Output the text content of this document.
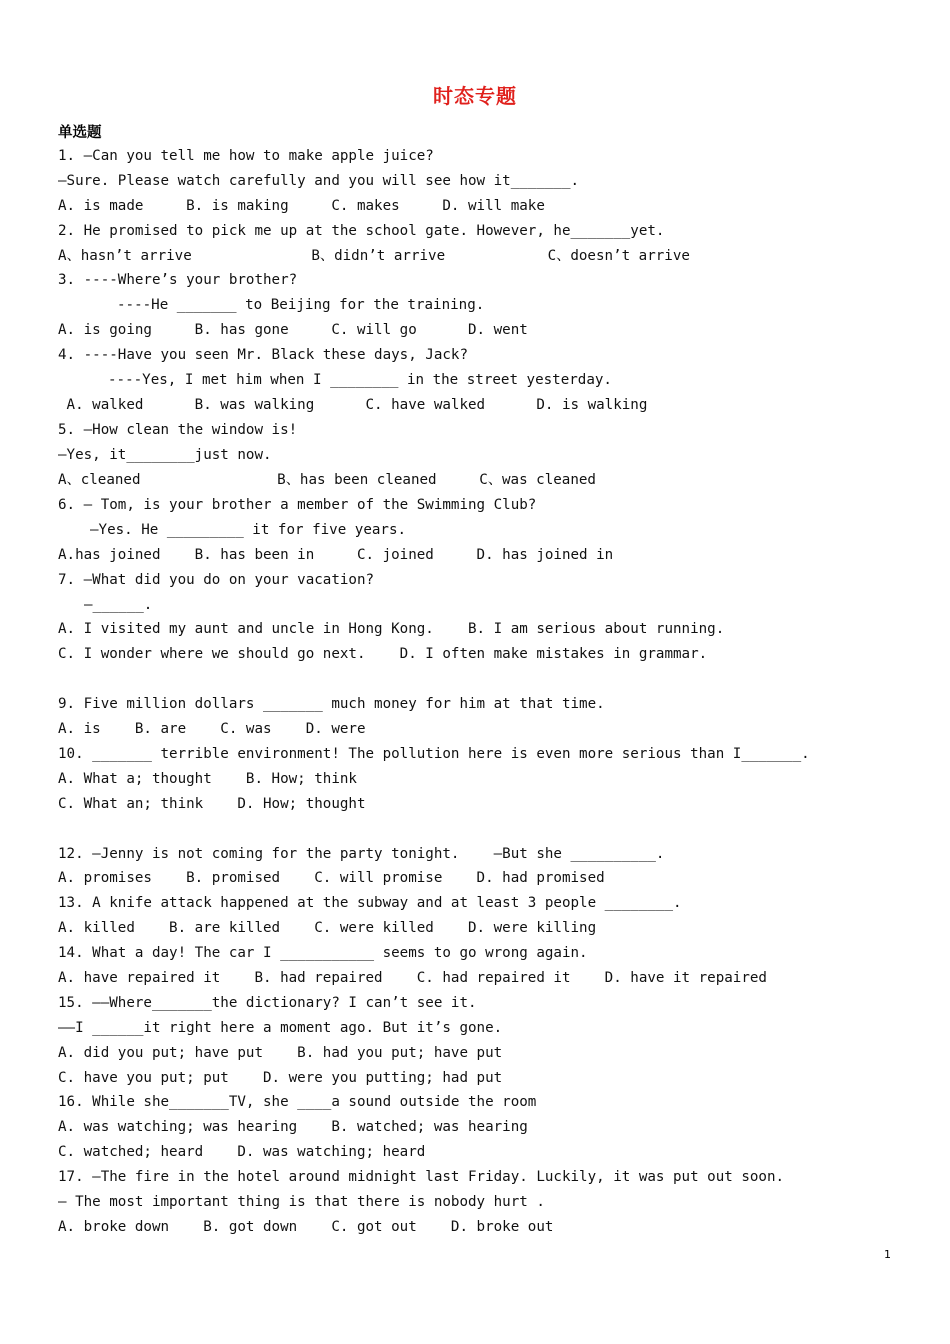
时态专题
单选题
1. —Can you tell me how to make apple juice?
—Sure. Please watch carefully and you will see how it_______.
A. is made     B. is making     C. makes     D. will make
2. He promised to pick me up at the school gate. However, he_______yet.
A、hasn’t arrive              B、didn’t arrive            C、doesn’t arrive
3. ----Where’s your brother?
----He _______ to Beijing for the training.
A. is going     B. has gone     C. will go      D. went
4. ----Have you seen Mr. Black these days, Jack?
----Yes, I met him when I ________ in the street yesterday.
A. walked      B. was walking      C. have walked      D. is walking
5. —How clean the window is!
—Yes, it________just now.
A、cleaned                B、has been cleaned     C、was cleaned
6. — Tom, is your brother a member of the Swimming Club?
—Yes. He _________ it for five years.
A.has joined    B. has been in     C. joined     D. has joined in
7. —What did you do on your vacation?
—______.
A. I visited my aunt and uncle in Hong Kong.    B. I am serious about running.
C. I wonder where we should go next.    D. I often make mistakes in grammar.
9. Five million dollars _______ much money for him at that time.
A. is    B. are    C. was    D. were
10. _______ terrible environment! The pollution here is even more serious than I_______.
A. What a; thought    B. How; think
C. What an; think    D. How; thought
12. —Jenny is not coming for the party tonight.    —But she __________.
A. promises    B. promised    C. will promise    D. had promised
13. A knife attack happened at the subway and at least 3 people ________.
A. killed    B. are killed    C. were killed    D. were killing
14. What a day! The car I ___________ seems to go wrong again.
A. have repaired it    B. had repaired    C. had repaired it    D. have it repaired
15. ——Where_______the dictionary? I can’t see it.
——I ______it right here a moment ago. But it’s gone.
A. did you put; have put    B. had you put; have put
C. have you put; put    D. were you putting; had put
16. While she_______TV, she ____a sound outside the room
A. was watching; was hearing    B. watched; was hearing
C. watched; heard    D. was watching; heard
17. —The fire in the hotel around midnight last Friday. Luckily, it was put out soon.
— The most important thing is that there is nobody hurt .
A. broke down    B. got down    C. got out    D. broke out
1
